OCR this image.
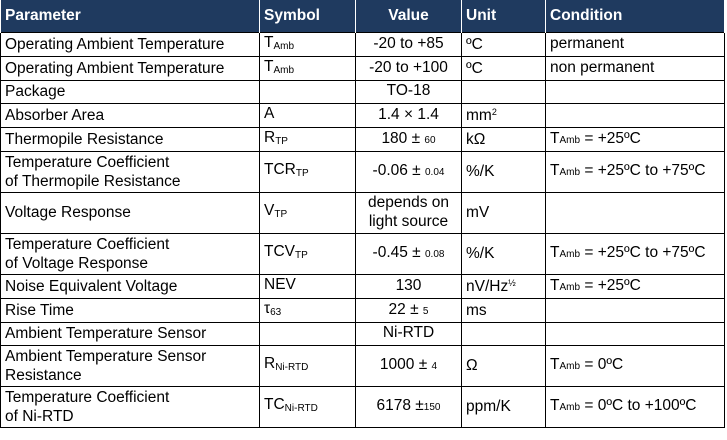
Parameter	Symbol	Value	Unit	Condition
Operating Ambient Temperature	$T_{Amb}$	-20 to +85	ºC	permanent
Operating Ambient Temperature	$T_{Amb}$	-20 to +100	ºC	non permanent
Package		TO-18		
Absorber Area	A	1.4 × 1.4	$mm^2$	
Thermopile Resistance	$R_{TP}$	180 ± 60	kΩ	TAmb = +25ºC
Temperature Coefficient
of Thermopile Resistance	$TCR_{TP}$	-0.06 ± 0.04	%/K	TAmb = +25ºC to +75ºC
Voltage Response	$V_{TP}$	depends on light source	mV	
Temperature Coefficient
of Voltage Response	$TCV_{TP}$	-0.45 ± 0.08	%/K	TAmb = +25ºC to +75ºC
Noise Equivalent Voltage	NEV	130	$nV/Hz^{\frac{1}{2}}$	TAmb = +25ºC
Rise Time	$\tau_{63}$	22 ± 5	ms	
Ambient Temperature Sensor		Ni-RTD		
Ambient Temperature Sensor
Resistance	$R_{Ni-RTD}$	1000 ± 4	Ω	TAmb = 0ºC
Temperature Coefficient
of Ni-RTD	$TC_{Ni-RTD}$	6178 ±150	ppm/K	TAmb = 0ºC to +100ºC
